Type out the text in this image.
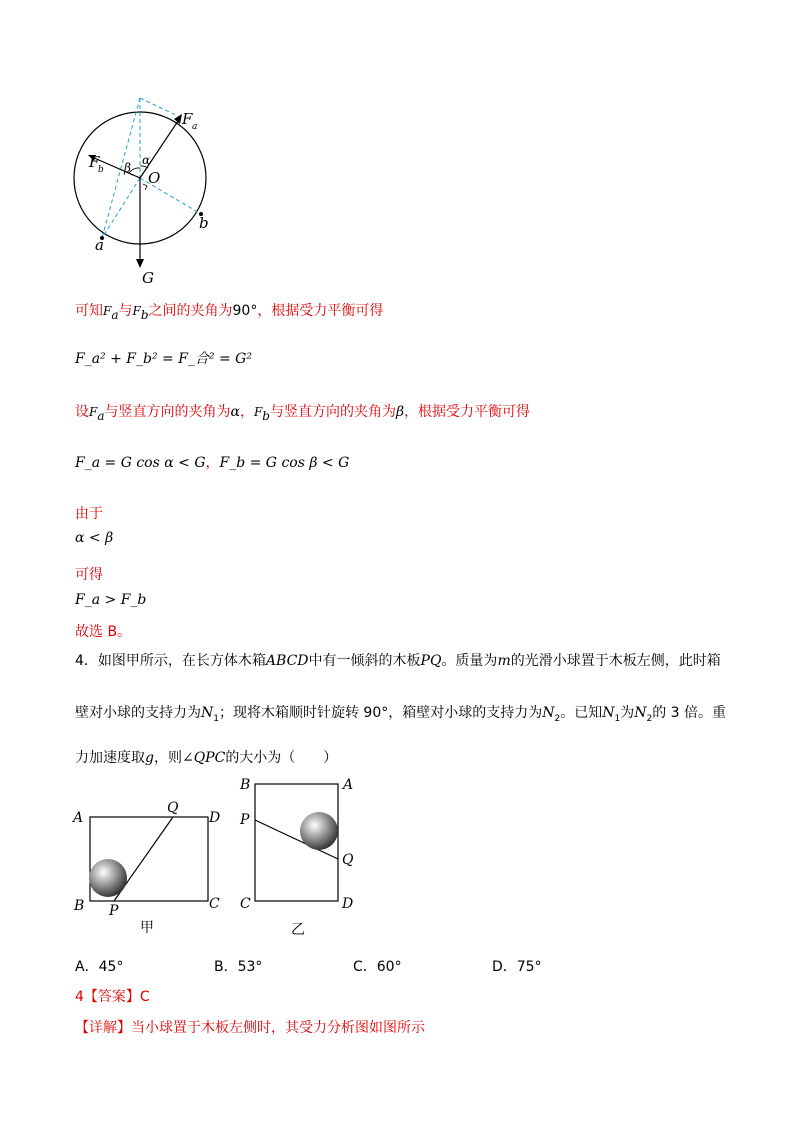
F a
F
b
α
β
O
a
b
G
可知$F_a$与$F_b$之间的夹角为90°，根据受力平衡可得
F_a² + F_b² = F_合² = G²
设$F_a$与竖直方向的夹角为α，$F_b$与竖直方向的夹角为β，根据受力平衡可得
F_a = G cos α < G，F_b = G cos β < G
由于
α < β
可得
F_a > F_b
故选 B。
4．如图甲所示，在长方体木箱ABCD中有一倾斜的木板PQ。质量为m的光滑小球置于木板左侧，此时箱
壁对小球的支持力为$N_1$；现将木箱顺时针旋转 90°，箱壁对小球的支持力为$N_2$。已知$N_1$为$N_2$的 3 倍。重
力加速度取g，则∠QPC的大小为（　　）
A
Q
D
B P	C
甲
B	A
P
Q
C	D
乙
A．45°	B．53°	C．60°	D．75°
4【答案】C
【详解】当小球置于木板左侧时，其受力分析图如图所示
